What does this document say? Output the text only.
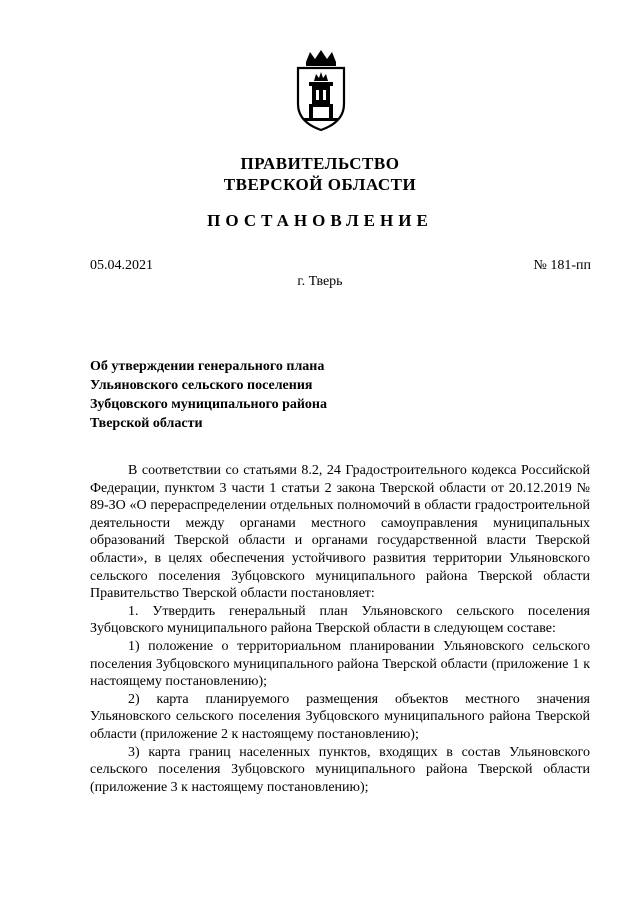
ПРАВИТЕЛЬСТВО
ТВЕРСКОЙ ОБЛАСТИ
ПОСТАНОВЛЕНИЕ
05.04.2021	№ 181-пп
г. Тверь
Об утверждении генерального плана
Ульяновского сельского поселения
Зубцовского муниципального района
Тверской области

В соответствии со статьями 8.2, 24 Градостроительного кодекса Российской Федерации, пунктом 3 части 1 статьи 2 закона Тверской области от 20.12.2019 № 89-ЗО «О перераспределении отдельных полномочий в области градостроительной деятельности между органами местного самоуправления муниципальных образований Тверской области и органами государственной власти Тверской области», в целях обеспечения устойчивого развития территории Ульяновского сельского поселения Зубцовского муниципального района Тверской области Правительство Тверской области постановляет:

1. Утвердить генеральный план Ульяновского сельского поселения Зубцовского муниципального района Тверской области в следующем составе:

1) положение о территориальном планировании Ульяновского сельского поселения Зубцовского муниципального района Тверской области (приложение 1 к настоящему постановлению);

2) карта планируемого размещения объектов местного значения Ульяновского сельского поселения Зубцовского муниципального района Тверской области (приложение 2 к настоящему постановлению);

3) карта границ населенных пунктов, входящих в состав Ульяновского сельского поселения Зубцовского муниципального района Тверской области (приложение 3 к настоящему постановлению);
